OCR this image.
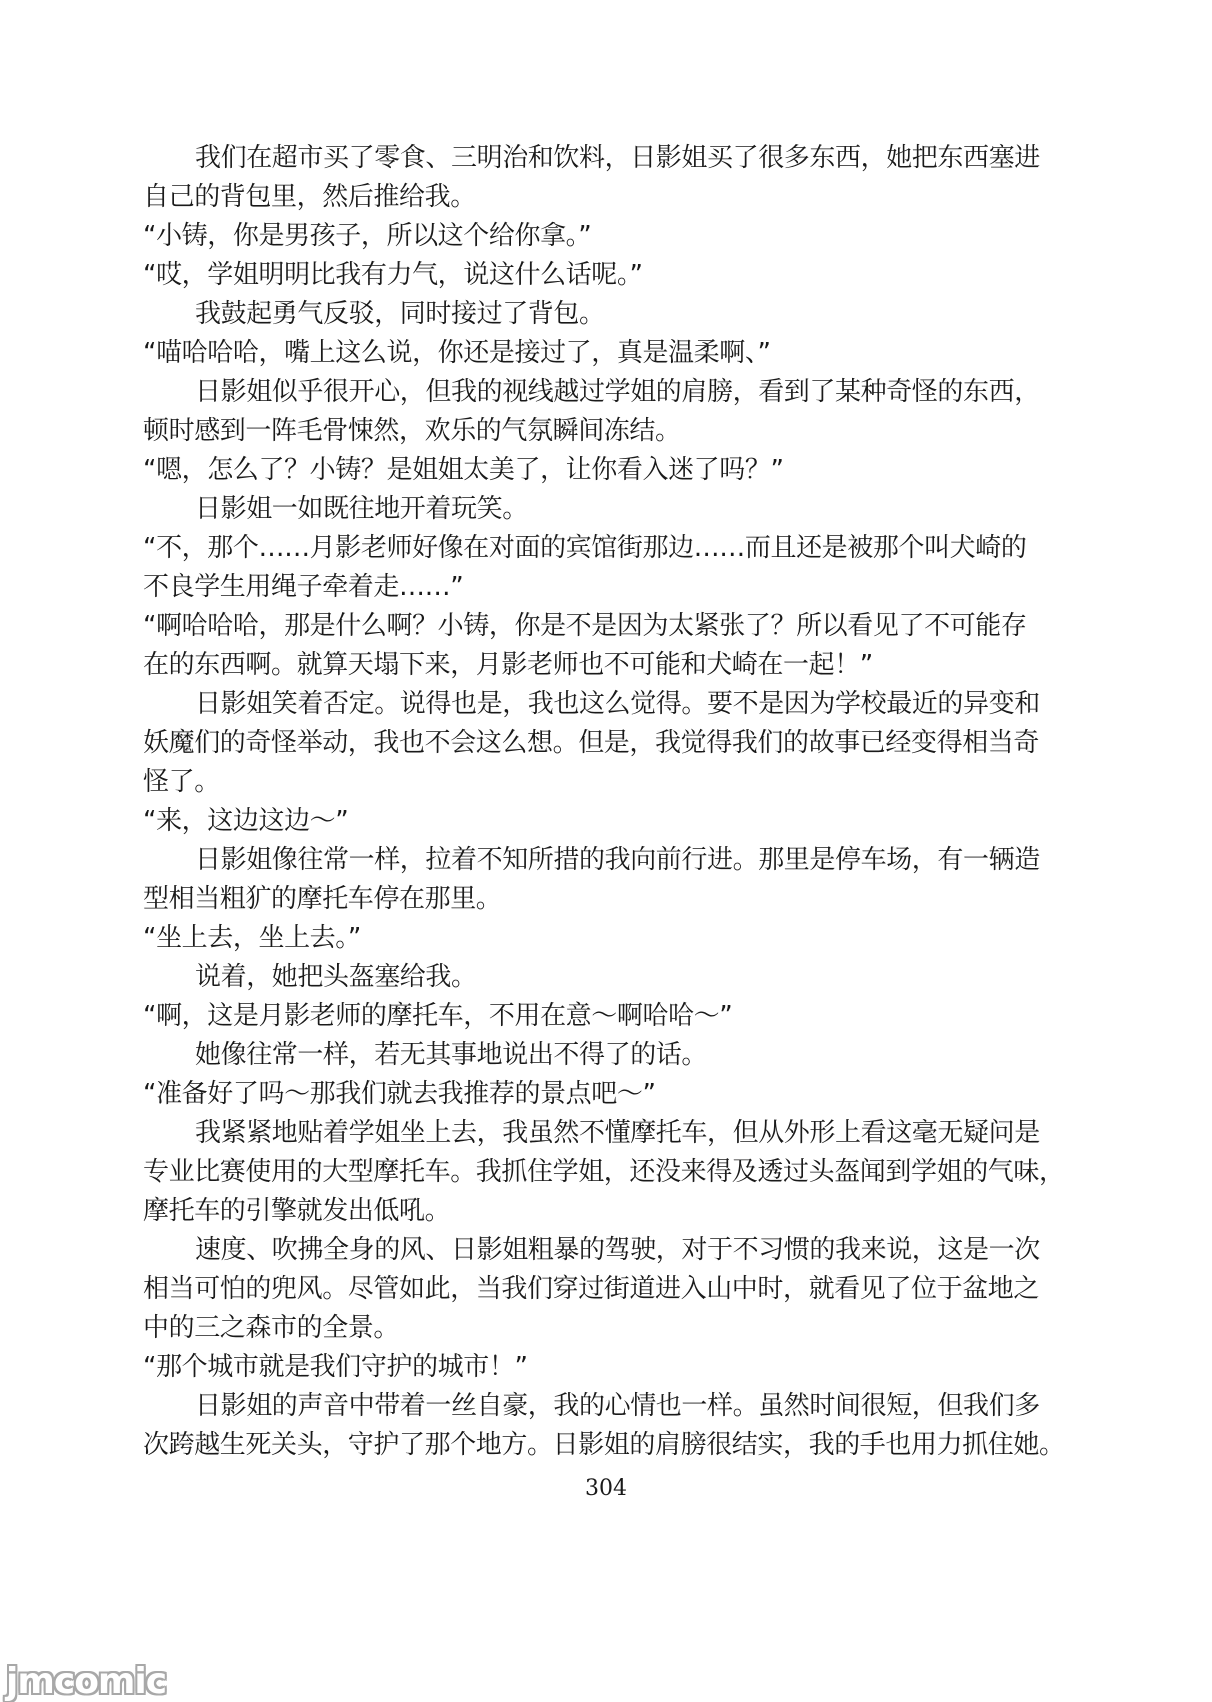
我们在超市买了零食、三明治和饮料，日影姐买了很多东西，她把东西塞进
自己的背包里，然后推给我。
“小铸，你是男孩子，所以这个给你拿。”
“哎，学姐明明比我有力气，说这什么话呢。”
我鼓起勇气反驳，同时接过了背包。
“喵哈哈哈，嘴上这么说，你还是接过了，真是温柔啊、”
日影姐似乎很开心，但我的视线越过学姐的肩膀，看到了某种奇怪的东西，
顿时感到一阵毛骨悚然，欢乐的气氛瞬间冻结。
“嗯，怎么了？小铸？是姐姐太美了，让你看入迷了吗？”
日影姐一如既往地开着玩笑。
“不，那个……月影老师好像在对面的宾馆街那边……而且还是被那个叫犬崎的
不良学生用绳子牵着走……”
“啊哈哈哈，那是什么啊？小铸，你是不是因为太紧张了？所以看见了不可能存
在的东西啊。就算天塌下来，月影老师也不可能和犬崎在一起！”
日影姐笑着否定。说得也是，我也这么觉得。要不是因为学校最近的异变和
妖魔们的奇怪举动，我也不会这么想。但是，我觉得我们的故事已经变得相当奇
怪了。
“来，这边这边～”
日影姐像往常一样，拉着不知所措的我向前行进。那里是停车场，有一辆造
型相当粗犷的摩托车停在那里。
“坐上去，坐上去。”
说着，她把头盔塞给我。
“啊，这是月影老师的摩托车，不用在意～啊哈哈～”
她像往常一样，若无其事地说出不得了的话。
“准备好了吗～那我们就去我推荐的景点吧～”
我紧紧地贴着学姐坐上去，我虽然不懂摩托车，但从外形上看这毫无疑问是
专业比赛使用的大型摩托车。我抓住学姐，还没来得及透过头盔闻到学姐的气味，
摩托车的引擎就发出低吼。
速度、吹拂全身的风、日影姐粗暴的驾驶，对于不习惯的我来说，这是一次
相当可怕的兜风。尽管如此，当我们穿过街道进入山中时，就看见了位于盆地之
中的三之森市的全景。
“那个城市就是我们守护的城市！”
日影姐的声音中带着一丝自豪，我的心情也一样。虽然时间很短，但我们多
次跨越生死关头，守护了那个地方。日影姐的肩膀很结实，我的手也用力抓住她。
304
jmcomic
